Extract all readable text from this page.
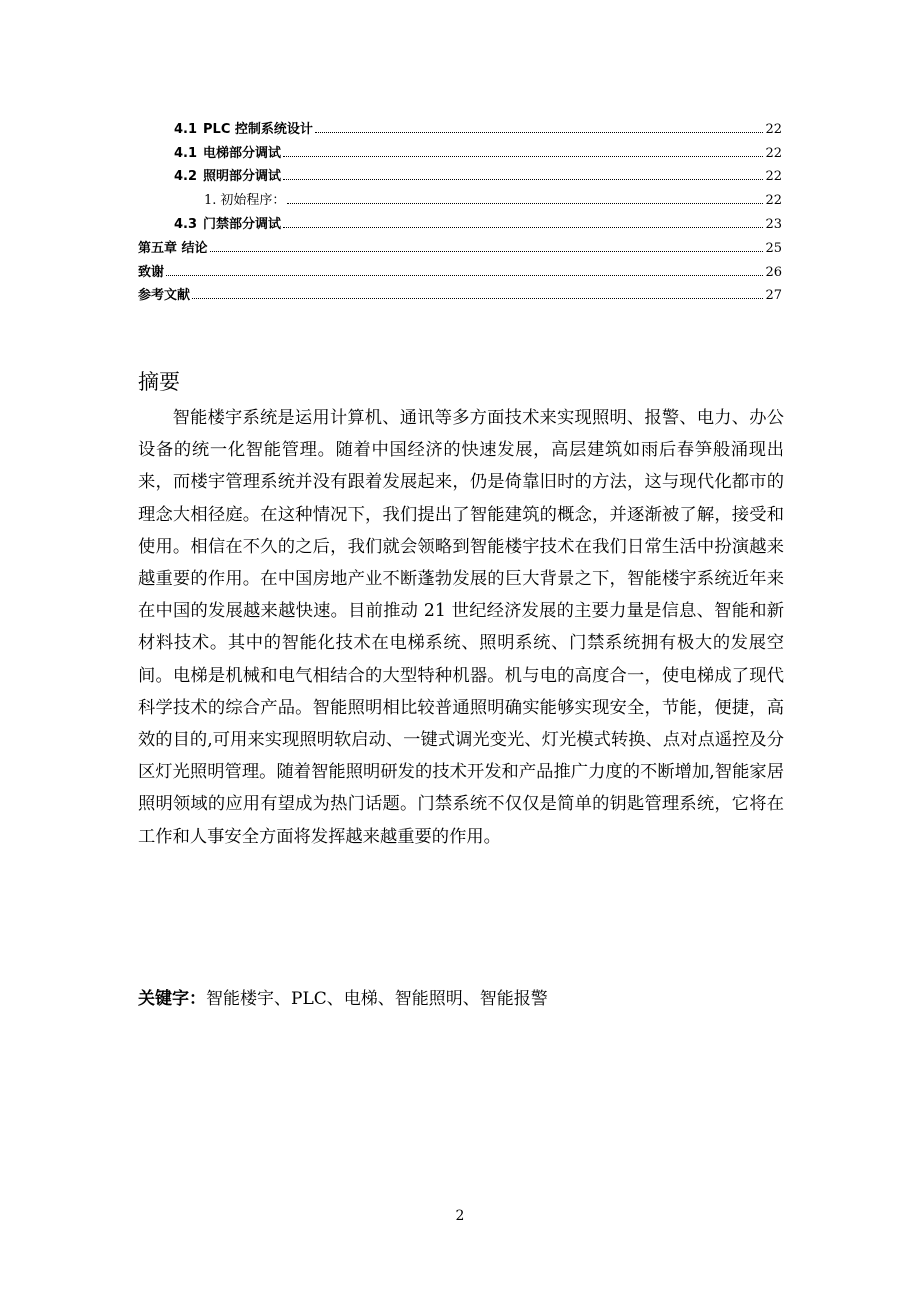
4.1 PLC 控制系统设计	22
4.1 电梯部分调试	22
4.2 照明部分调试	22
1. 初始程序：	22
4.3 门禁部分调试	23
第五章 结论	25
致谢	26
参考文献	27
摘要

智能楼宇系统是运用计算机、通讯等多方面技术来实现照明、报警、电力、办公设备的统一化智能管理。随着中国经济的快速发展，高层建筑如雨后春笋般涌现出来，而楼宇管理系统并没有跟着发展起来，仍是倚靠旧时的方法，这与现代化都市的理念大相径庭。在这种情况下，我们提出了智能建筑的概念，并逐渐被了解，接受和使用。相信在不久的之后，我们就会领略到智能楼宇技术在我们日常生活中扮演越来越重要的作用。在中国房地产业不断蓬勃发展的巨大背景之下，智能楼宇系统近年来在中国的发展越来越快速。目前推动 21 世纪经济发展的主要力量是信息、智能和新材料技术。其中的智能化技术在电梯系统、照明系统、门禁系统拥有极大的发展空间。电梯是机械和电气相结合的大型特种机器。机与电的高度合一，使电梯成了现代科学技术的综合产品。智能照明相比较普通照明确实能够实现安全，节能，便捷，高效的目的,可用来实现照明软启动、一键式调光变光、灯光模式转换、点对点遥控及分区灯光照明管理。随着智能照明研发的技术开发和产品推广力度的不断增加,智能家居照明领域的应用有望成为热门话题。门禁系统不仅仅是简单的钥匙管理系统，它将在工作和人事安全方面将发挥越来越重要的作用。

关键字：智能楼宇、PLC、电梯、智能照明、智能报警
2
